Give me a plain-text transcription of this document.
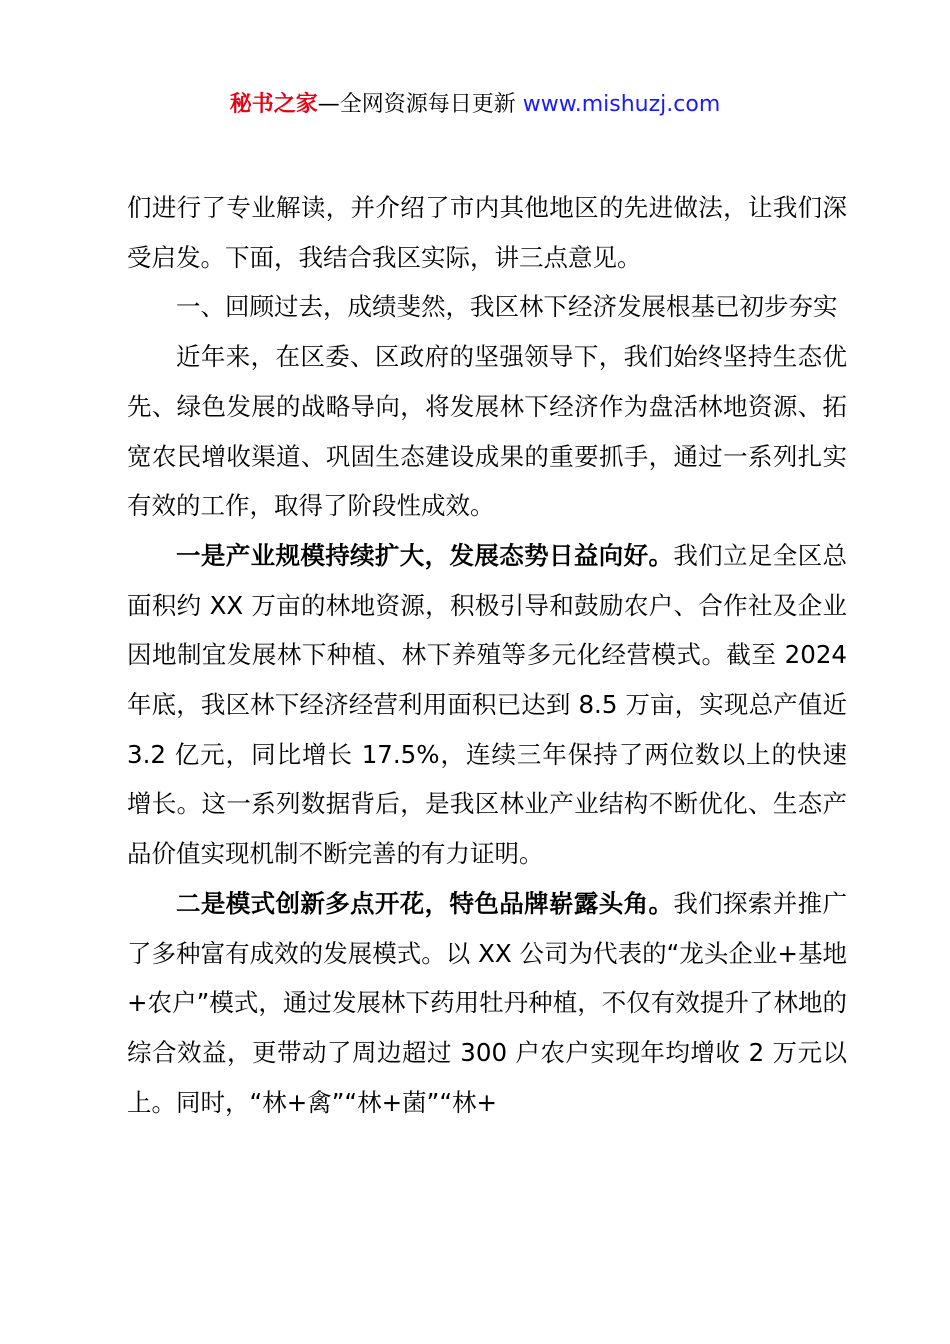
秘书之家—全网资源每日更新 www.mishuzj.com

们进行了专业解读，并介绍了市内其他地区的先进做法，让我们深受启发。下面，我结合我区实际，讲三点意见。

一、回顾过去，成绩斐然，我区林下经济发展根基已初步夯实

近年来，在区委、区政府的坚强领导下，我们始终坚持生态优先、绿色发展的战略导向，将发展林下经济作为盘活林地资源、拓宽农民增收渠道、巩固生态建设成果的重要抓手，通过一系列扎实有效的工作，取得了阶段性成效。

一是产业规模持续扩大，发展态势日益向好。我们立足全区总面积约 XX 万亩的林地资源，积极引导和鼓励农户、合作社及企业因地制宜发展林下种植、林下养殖等多元化经营模式。截至 2024 年底，我区林下经济经营利用面积已达到 8.5 万亩，实现总产值近 3.2 亿元，同比增长 17.5%，连续三年保持了两位数以上的快速增长。这一系列数据背后，是我区林业产业结构不断优化、生态产品价值实现机制不断完善的有力证明。

二是模式创新多点开花，特色品牌崭露头角。我们探索并推广了多种富有成效的发展模式。以 XX 公司为代表的“龙头企业+基地+农户”模式，通过发展林下药用牡丹种植，不仅有效提升了林地的综合效益，更带动了周边超过 300 户农户实现年均增收 2 万元以上。同时，“林+禽”“林+菌”“林+
